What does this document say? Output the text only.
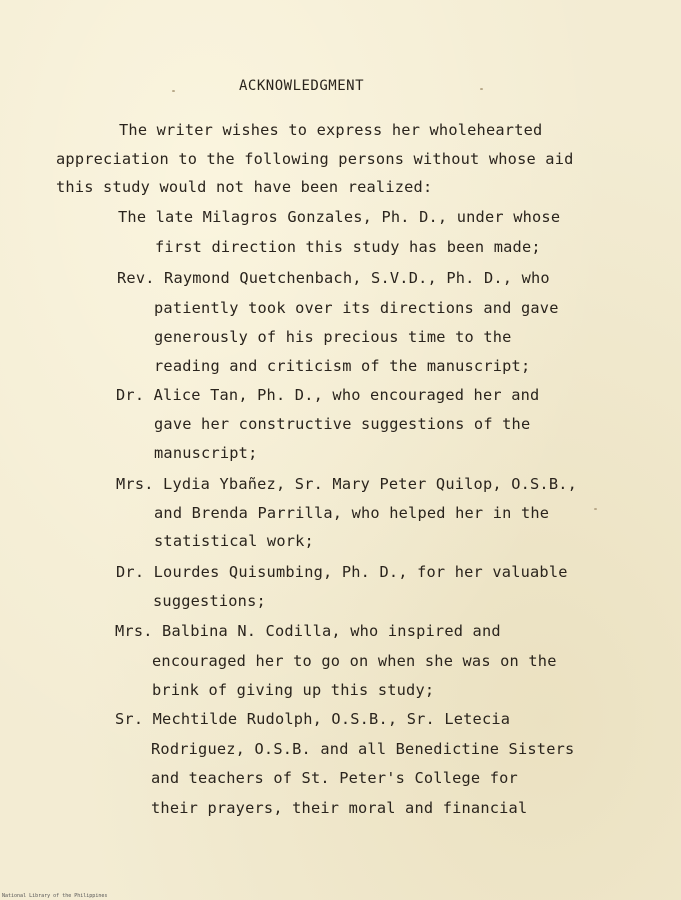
ACKNOWLEDGMENT
The writer wishes to express her wholehearted
appreciation to the following persons without whose aid
this study would not have been realized:
The late Milagros Gonzales, Ph. D., under whose
first direction this study has been made;
Rev. Raymond Quetchenbach, S.V.D., Ph. D., who
patiently took over its directions and gave
generously of his precious time to the
reading and criticism of the manuscript;
Dr. Alice Tan, Ph. D., who encouraged her and
gave her constructive suggestions of the
manuscript;
Mrs. Lydia Ybañez, Sr. Mary Peter Quilop, O.S.B.,
and Brenda Parrilla, who helped her in the
statistical work;
Dr. Lourdes Quisumbing, Ph. D., for her valuable
suggestions;
Mrs. Balbina N. Codilla, who inspired and
encouraged her to go on when she was on the
brink of giving up this study;
Sr. Mechtilde Rudolph, O.S.B., Sr. Letecia
Rodriguez, O.S.B. and all Benedictine Sisters
and teachers of St. Peter's College for
their prayers, their moral and financial
National Library of the Philippines
